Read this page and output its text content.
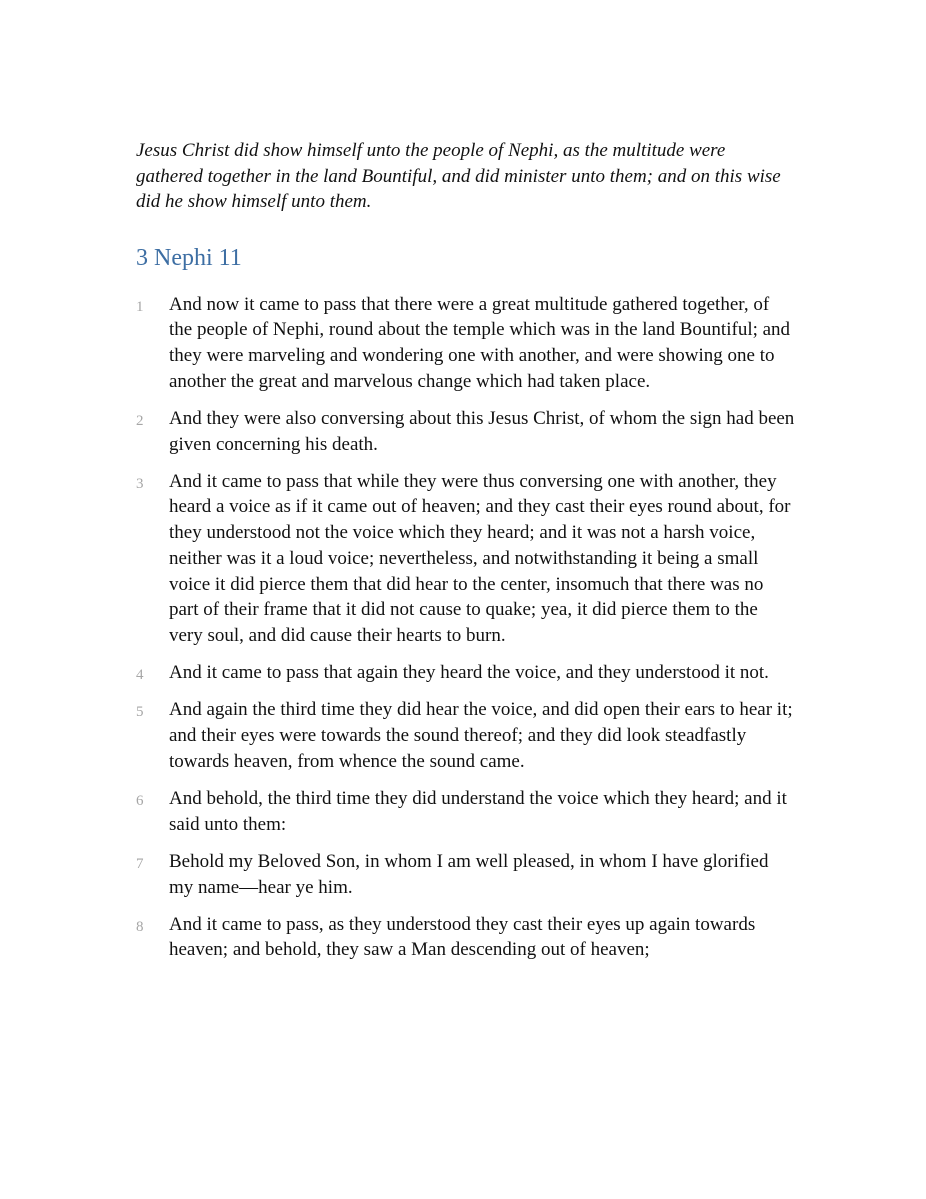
Jesus Christ did show himself unto the people of Nephi, as the multitude were gathered together in the land Bountiful, and did minister unto them; and on this wise did he show himself unto them.

3 Nephi 11
1 And now it came to pass that there were a great multitude gathered together, of the people of Nephi, round about the temple which was in the land Bountiful; and they were marveling and wondering one with another, and were showing one to another the great and marvelous change which had taken place.
2 And they were also conversing about this Jesus Christ, of whom the sign had been given concerning his death.
3 And it came to pass that while they were thus conversing one with another, they heard a voice as if it came out of heaven; and they cast their eyes round about, for they understood not the voice which they heard; and it was not a harsh voice, neither was it a loud voice; nevertheless, and notwithstanding it being a small voice it did pierce them that did hear to the center, insomuch that there was no part of their frame that it did not cause to quake; yea, it did pierce them to the very soul, and did cause their hearts to burn.
4 And it came to pass that again they heard the voice, and they understood it not.
5 And again the third time they did hear the voice, and did open their ears to hear it; and their eyes were towards the sound thereof; and they did look steadfastly towards heaven, from whence the sound came.
6 And behold, the third time they did understand the voice which they heard; and it said unto them:
7 Behold my Beloved Son, in whom I am well pleased, in whom I have glorified my name—hear ye him.
8 And it came to pass, as they understood they cast their eyes up again towards heaven; and behold, they saw a Man descending out of heaven;
